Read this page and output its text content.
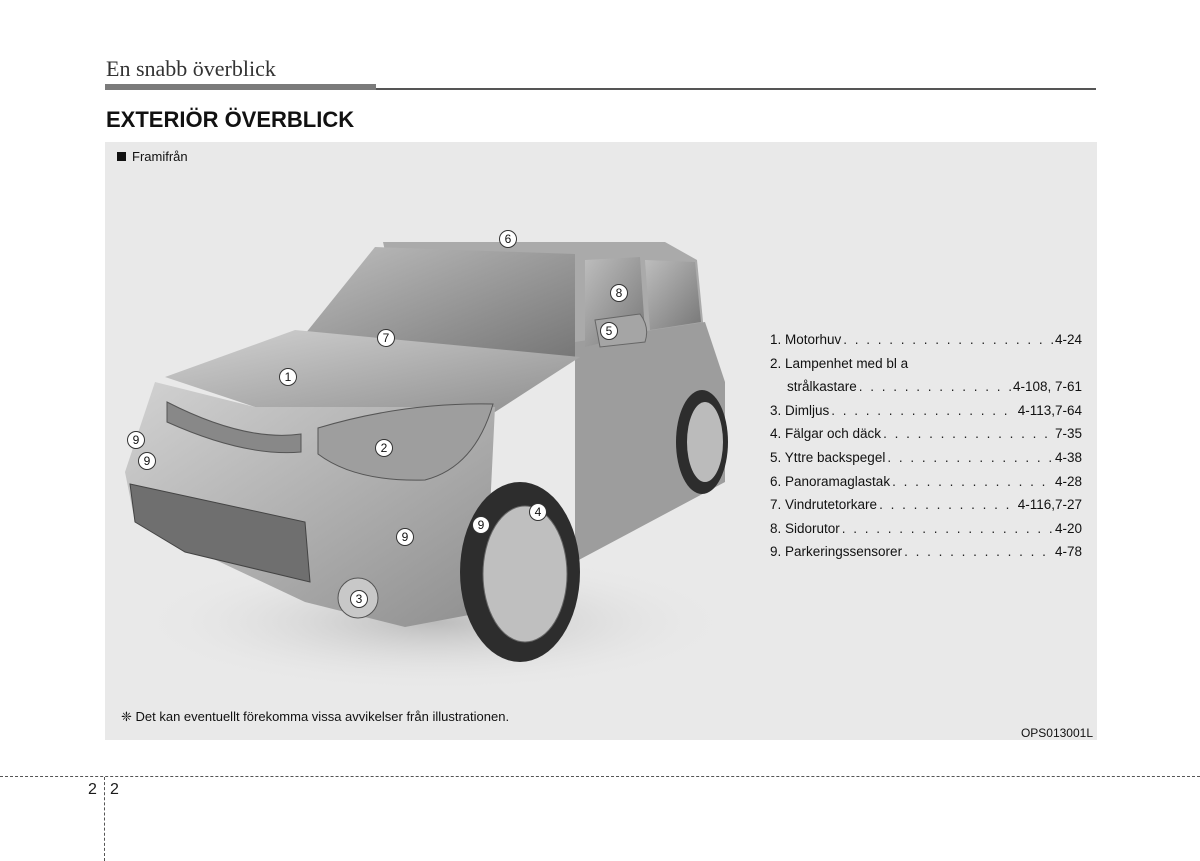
En snabb överblick
EXTERIÖR ÖVERBLICK
Framifrån
1
2
3
4
5
6
7
8
9
9
9
9
1. Motorhuv . . .	4-24
2. Lampenhet med bl a
strålkastare . . .	4-108, 7-61
3. Dimljus . . .	4-113,7-64
4. Fälgar och däck . . .	7-35
5. Yttre backspegel . . .	4-38
6. Panoramaglastak . . .	4-28
7. Vindrutetorkare . . .	4-116,7-27
8. Sidorutor . . .	4-20
9. Parkeringssensorer . . .	4-78
❈ Det kan eventuellt förekomma vissa avvikelser från illustrationen.
OPS013001L
2 2
